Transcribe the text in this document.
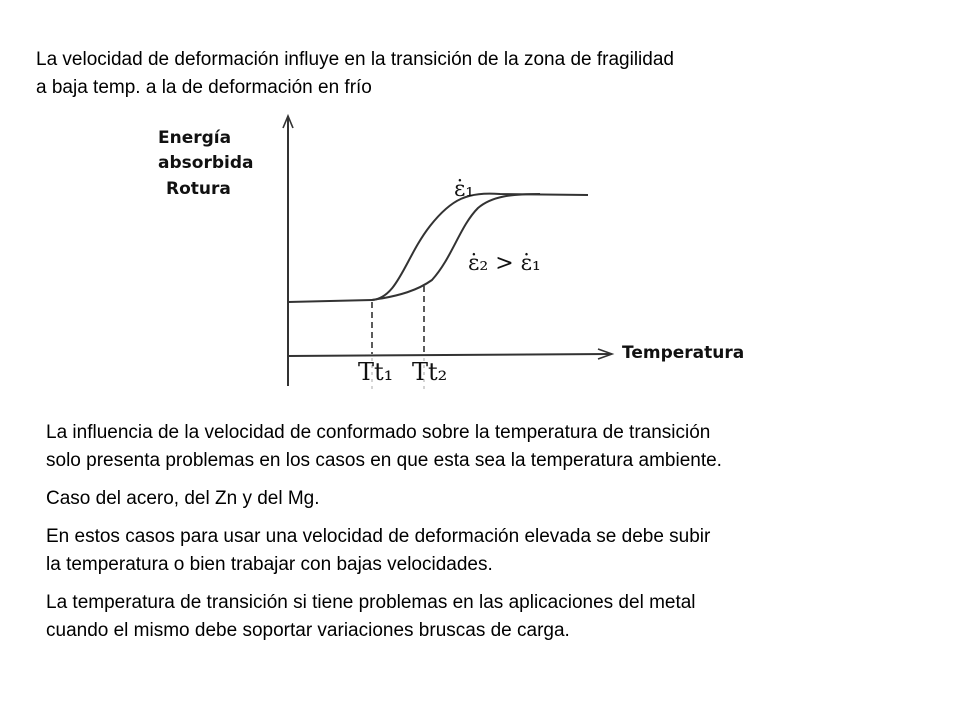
La velocidad de deformación influye en la transición de la zona de fragilidad
a baja temp. a la de deformación en frío
Energía
absorbida
Rotura
Temperatura
ε̇₁
ε̇₂ > ε̇₁
Tt₁ Tt₂

La influencia de la velocidad de conformado sobre la temperatura de transición
solo presenta problemas en los casos en que esta sea la temperatura ambiente.

Caso del acero, del Zn y del Mg.

En estos casos para usar una velocidad de deformación elevada se debe subir
la temperatura o bien trabajar con bajas velocidades.

La temperatura de transición si tiene problemas en las aplicaciones del metal
cuando el mismo debe soportar variaciones bruscas de carga.
